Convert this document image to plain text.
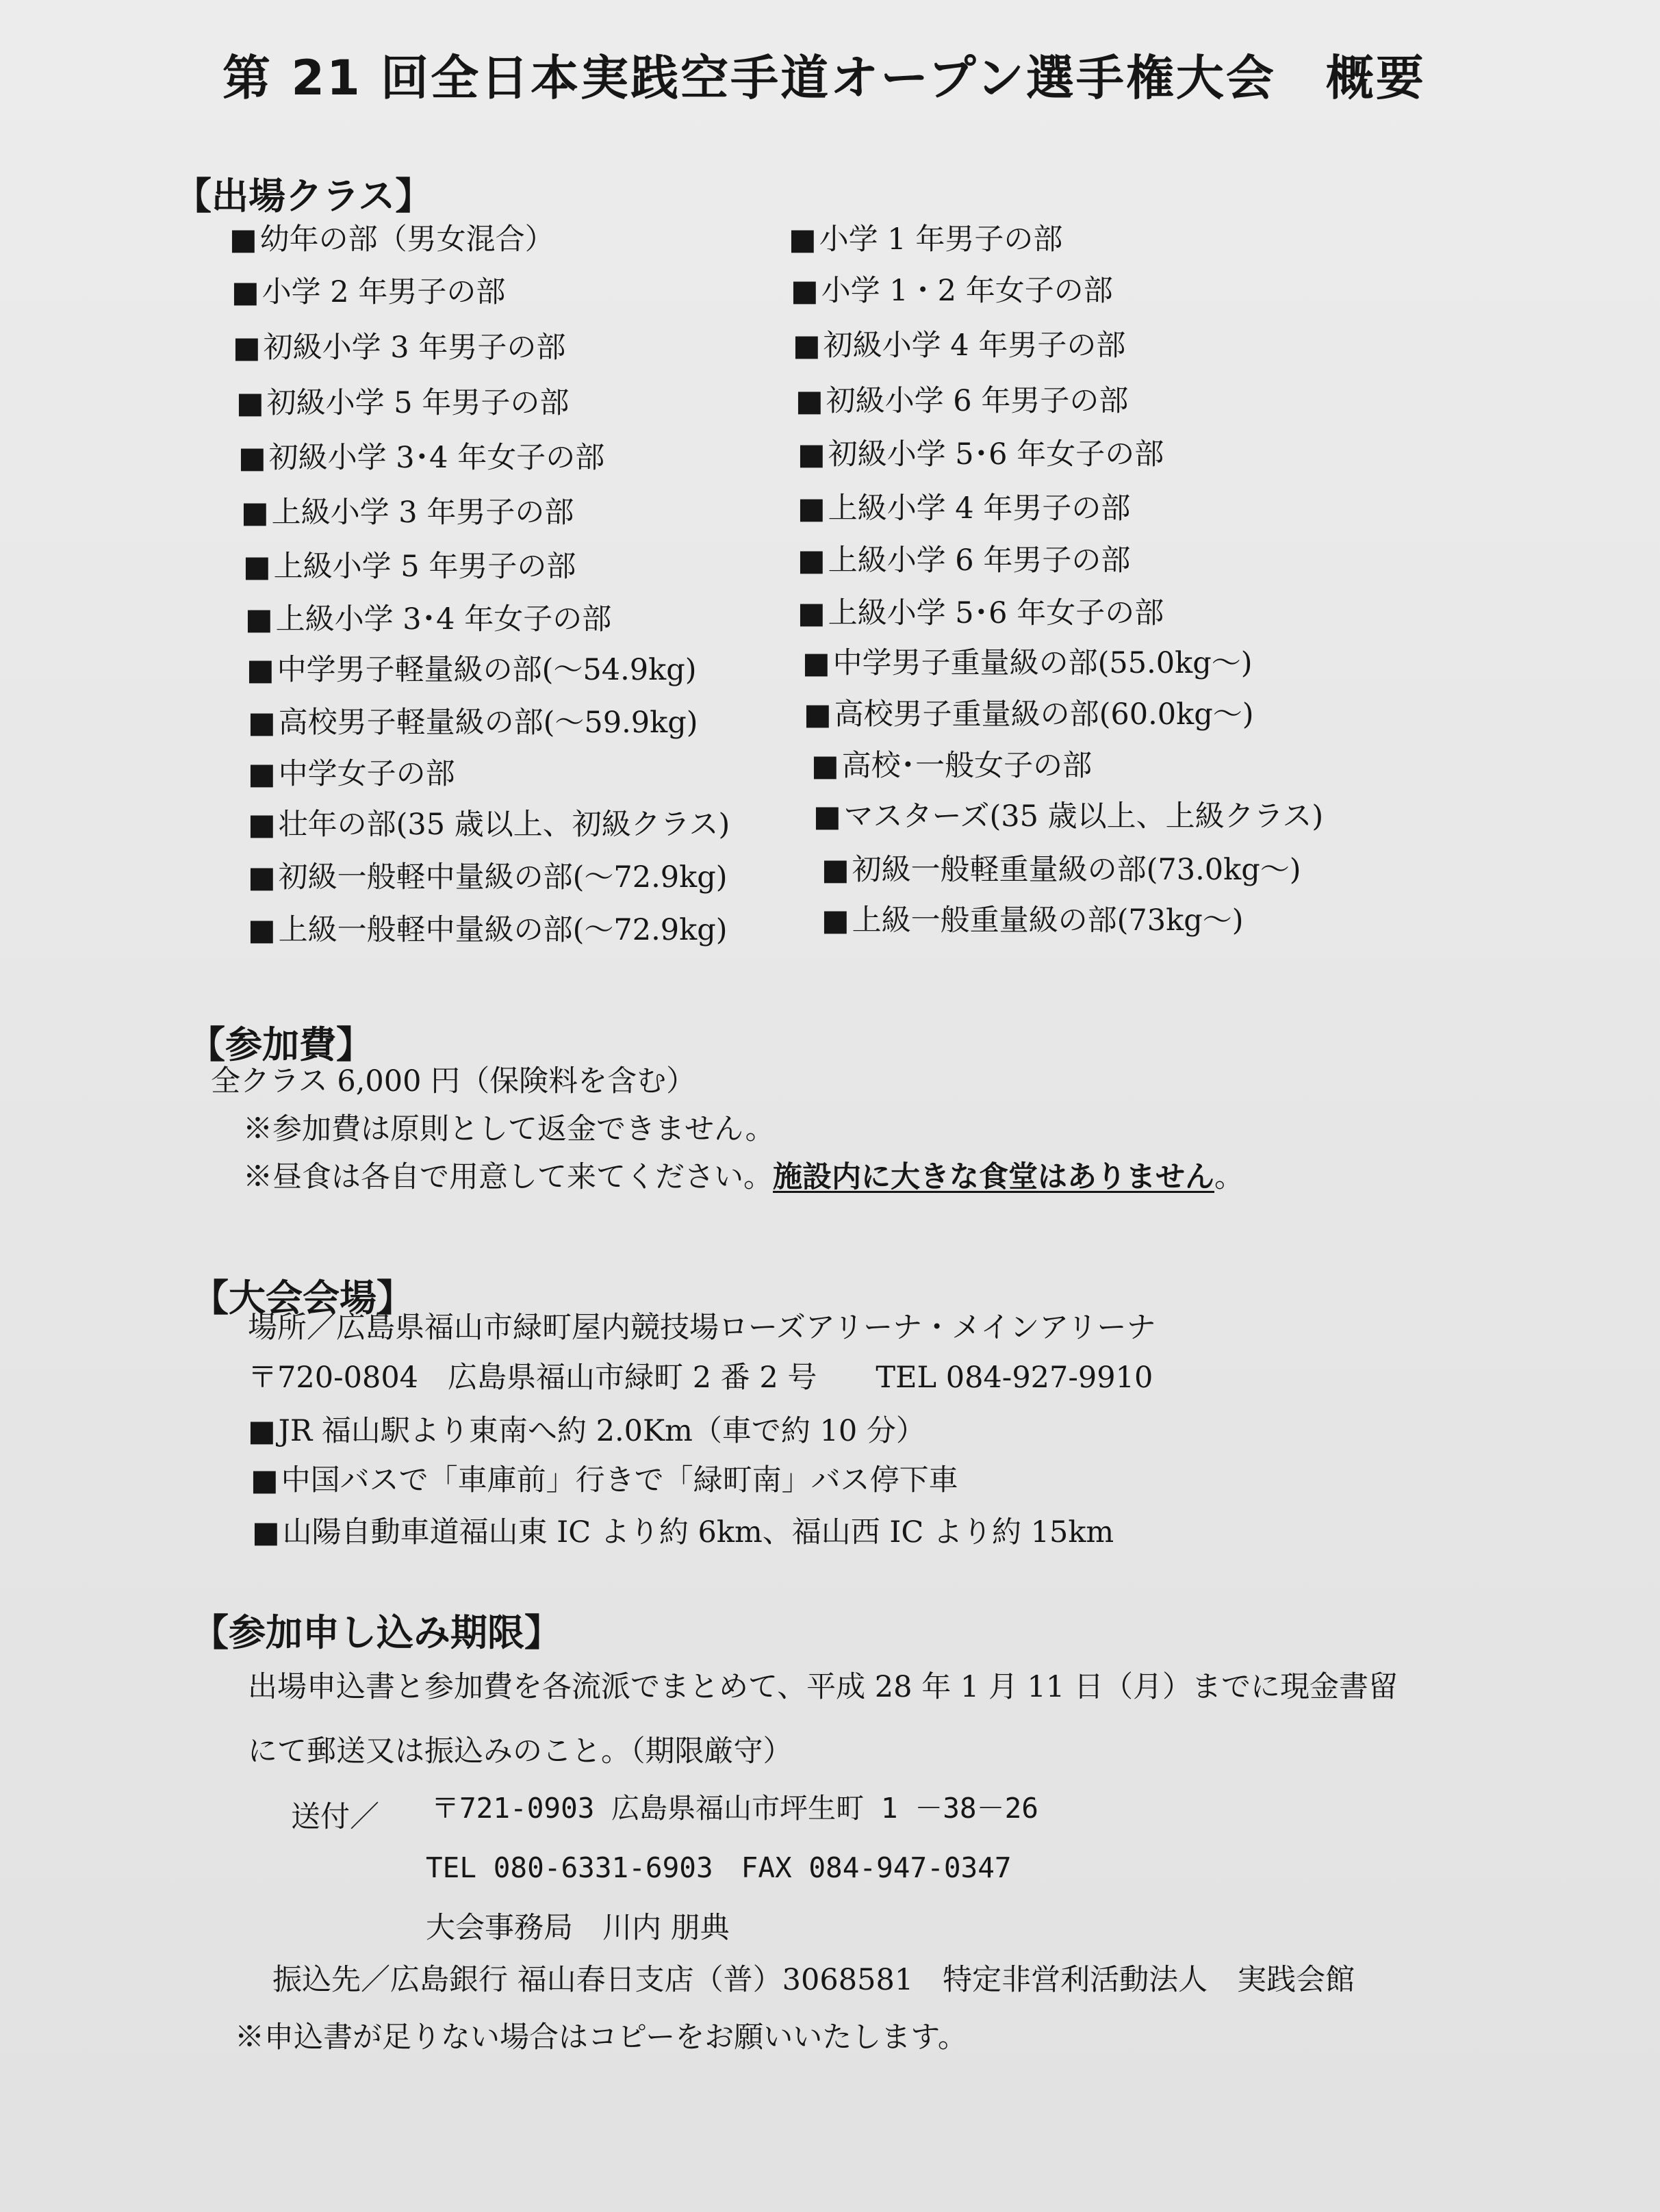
第 21 回全日本実践空手道オープン選手権大会　概要
【出場クラス】
■幼年の部（男女混合）
■小学 2 年男子の部
■初級小学 3 年男子の部
■初級小学 5 年男子の部
■初級小学 3･4 年女子の部
■上級小学 3 年男子の部
■上級小学 5 年男子の部
■上級小学 3･4 年女子の部
■中学男子軽量級の部(～54.9kg)
■高校男子軽量級の部(～59.9kg)
■中学女子の部
■壮年の部(35 歳以上、初級クラス)
■初級一般軽中量級の部(～72.9kg)
■上級一般軽中量級の部(～72.9kg)
■小学 1 年男子の部
■小学 1・2 年女子の部
■初級小学 4 年男子の部
■初級小学 6 年男子の部
■初級小学 5･6 年女子の部
■上級小学 4 年男子の部
■上級小学 6 年男子の部
■上級小学 5･6 年女子の部
■中学男子重量級の部(55.0kg～)
■高校男子重量級の部(60.0kg～)
■高校･一般女子の部
■マスターズ(35 歳以上、上級クラス)
■初級一般軽重量級の部(73.0kg～)
■上級一般重量級の部(73kg～)
【参加費】
全クラス 6,000 円（保険料を含む）
※参加費は原則として返金できません。
※昼食は各自で用意して来てください。施設内に大きな食堂はありません。
【大会会場】
場所／広島県福山市緑町屋内競技場ローズアリーナ・メインアリーナ
〒720-0804　広島県福山市緑町 2 番 2 号　　TEL 084-927-9910
■JR 福山駅より東南へ約 2.0Km（車で約 10 分）
■中国バスで「車庫前」行きで「緑町南」バス停下車
■山陽自動車道福山東 IC より約 6km、福山西 IC より約 15km
【参加申し込み期限】
出場申込書と参加費を各流派でまとめて、平成 28 年 1 月 11 日（月）までに現金書留
にて郵送又は振込みのこと。（期限厳守）
送付／ 〒721-0903 広島県福山市坪生町 1 －38－26
TEL 080-6331-6903　FAX 084-947-0347
大会事務局　川内 朋典
振込先／広島銀行 福山春日支店（普）3068581　特定非営利活動法人　実践会館
※申込書が足りない場合はコピーをお願いいたします。
